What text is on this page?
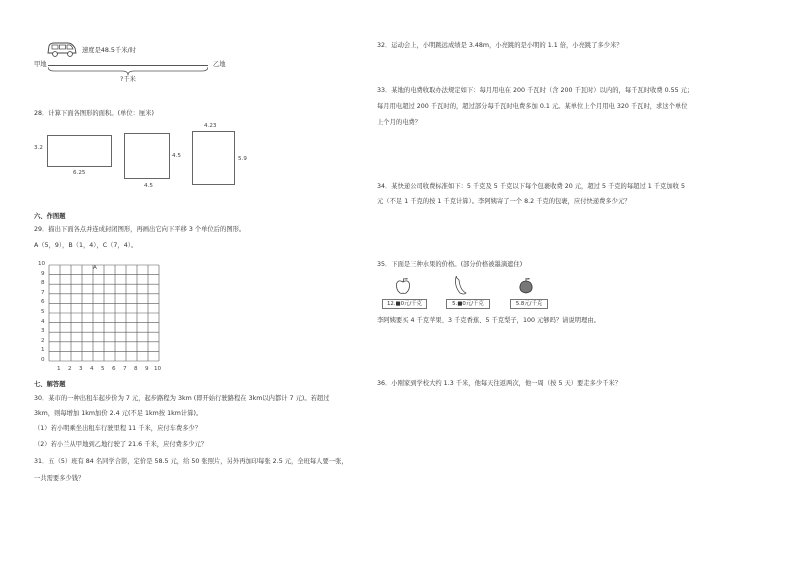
速度是48.5千米/时
甲地	乙地
?千米
28．计算下面各图形的面积。(单位：厘米)
3.2
6.25
4.5
4.5
4.23
5.9
六、作图题
29．描出下面各点并连成封闭图形，再画出它向下平移 3 个单位后的图形。
A（5，9），B（1，4），C（7，4）。
10
9
8
7
6
5
4
3
2
1
0
1 2 3 4 5 6 7 8 9 10
A
七、解答题
30．某市的一种出租车起步价为 7 元，起步路程为 3km (即开始行驶路程在 3km以内都计 7 元)。若超过
3km，则每增加 1km加价 2.4 元(不足 1km按 1km计算)。
（1）若小明乘坐出租车行驶里程 11 千米，应付车费多少？
（2）若小兰从甲地到乙地行驶了 21.6 千米，应付费多少元？
31．五（5）班有 84 名同学合影，定价是 58.5 元，给 50 张照片，另外再加印每张 2.5 元，全班每人要一张，
一共需要多少钱？
32．运动会上，小明跳远成绩是 3.48m，小亮跳的是小明的 1.1 倍，小亮跳了多少米？
33．某地的电费收取办法规定如下：每月用电在 200 千瓦时（含 200 千瓦时）以内的，每千瓦时收费 0.55 元；
每月用电超过 200 千瓦时的，超过部分每千瓦时电费多加 0.1 元。某单位上个月用电 320 千瓦时，求这个单位
上个月的电费？
34．某快递公司收费标准如下：5 千克及 5 千克以下每个包裹收费 20 元，超过 5 千克的每超过 1 千克加收 5
元（不足 1 千克的按 1 千克计算）。李阿姨寄了一个 8.2 千克的包裹，应付快递费多少元？
35．下面是三种水果的价格。(部分价格被墨滴遮住)
12.■0元/千克	5.■0元/千克	5.8元/千克
李阿姨要买 4 千克苹果、3 千克香蕉、5 千克梨子，100 元够吗？请说明理由。
36．小刚家到学校大约 1.3 千米，他每天往返两次，他一周（按 5 天）要走多少千米？
